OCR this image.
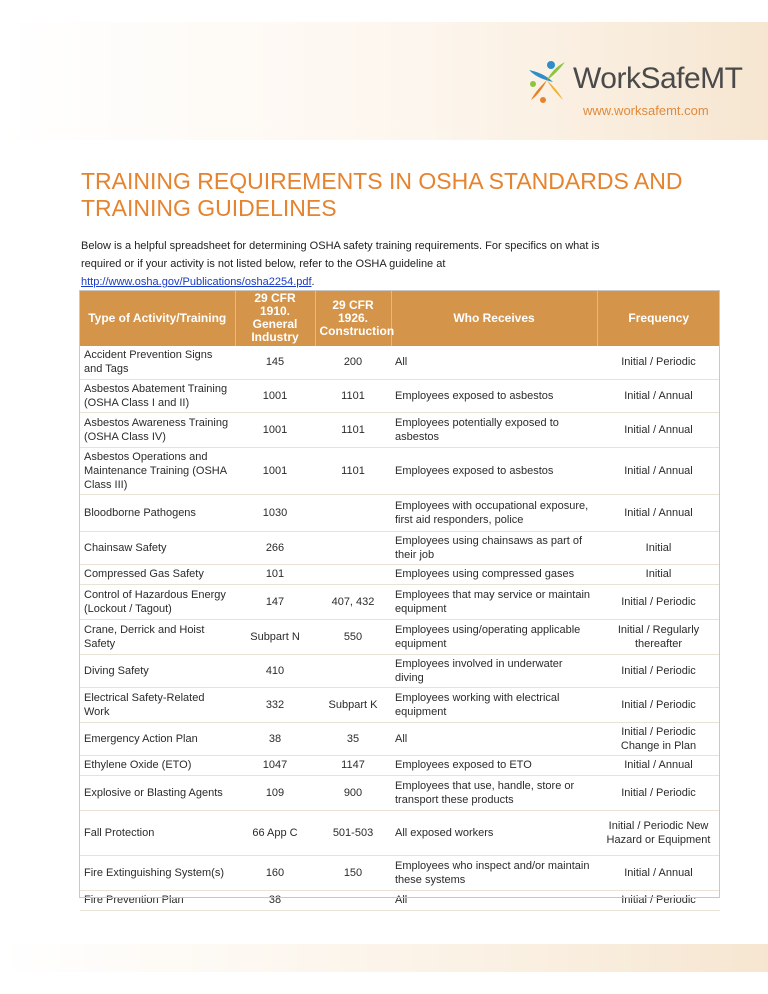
WorkSafeMT
www.worksafemt.com
TRAINING REQUIREMENTS IN OSHA STANDARDS AND TRAINING GUIDELINES

Below is a helpful spreadsheet for determining OSHA safety training requirements. For specifics on what is required or if your activity is not listed below, refer to the OSHA guideline at http://www.osha.gov/Publications/osha2254.pdf.

Type of Activity/Training	29 CFR 1910. General Industry	29 CFR 1926. Construction	Who Receives	Frequency
Accident Prevention Signs and Tags	145	200	All	Initial / Periodic
Asbestos Abatement Training (OSHA Class I and II)	1001	1101	Employees exposed to asbestos	Initial / Annual
Asbestos Awareness Training (OSHA Class IV)	1001	1101	Employees potentially exposed to asbestos	Initial / Annual
Asbestos Operations and Maintenance Training (OSHA Class III)	1001	1101	Employees exposed to asbestos	Initial / Annual
Bloodborne Pathogens	1030		Employees with occupational exposure, first aid responders, police	Initial / Annual
Chainsaw Safety	266		Employees using chainsaws as part of their job	Initial
Compressed Gas Safety	101		Employees using compressed gases	Initial
Control of Hazardous Energy (Lockout / Tagout)	147	407, 432	Employees that may service or maintain equipment	Initial / Periodic
Crane, Derrick and Hoist Safety	Subpart N	550	Employees using/operating applicable equipment	Initial / Regularly thereafter
Diving Safety	410		Employees involved in underwater diving	Initial / Periodic
Electrical Safety-Related Work	332	Subpart K	Employees working with electrical equipment	Initial / Periodic
Emergency Action Plan	38	35	All	Initial / Periodic Change in Plan
Ethylene Oxide (ETO)	1047	1147	Employees exposed to ETO	Initial / Annual
Explosive or Blasting Agents	109	900	Employees that use, handle, store or transport these products	Initial / Periodic
Fall Protection	66 App C	501-503	All exposed workers	Initial / Periodic New Hazard or Equipment
Fire Extinguishing System(s)	160	150	Employees who inspect and/or maintain these systems	Initial / Annual
Fire Prevention Plan	38		All	Initial / Periodic
